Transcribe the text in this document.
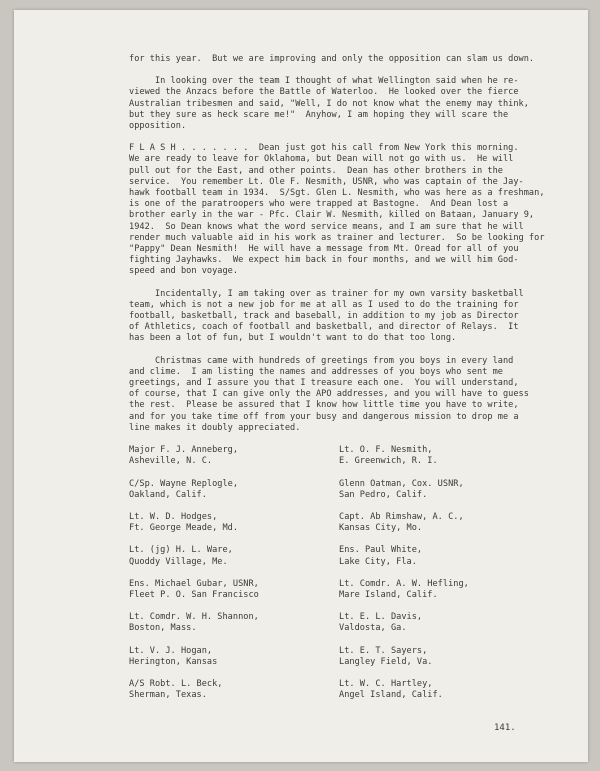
for this year.  But we are improving and only the opposition can slam us down.

In looking over the team I thought of what Wellington said when he re-
viewed the Anzacs before the Battle of Waterloo.  He looked over the fierce
Australian tribesmen and said, "Well, I do not know what the enemy may think,
but they sure as heck scare me!"  Anyhow, I am hoping they will scare the
opposition.

F L A S H . . . . . . .  Dean just got his call from New York this morning.
We are ready to leave for Oklahoma, but Dean will not go with us.  He will
pull out for the East, and other points.  Dean has other brothers in the
service.  You remember Lt. Ole F. Nesmith, USNR, who was captain of the Jay-
hawk football team in 1934.  S/Sgt. Glen L. Nesmith, who was here as a freshman,
is one of the paratroopers who were trapped at Bastogne.  And Dean lost a
brother early in the war - Pfc. Clair W. Nesmith, killed on Bataan, January 9,
1942.  So Dean knows what the word service means, and I am sure that he will
render much valuable aid in his work as trainer and lecturer.  So be looking for
"Pappy" Dean Nesmith!  He will have a message from Mt. Oread for all of you
fighting Jayhawks.  We expect him back in four months, and we will him God-
speed and bon voyage.

Incidentally, I am taking over as trainer for my own varsity basketball
team, which is not a new job for me at all as I used to do the training for
football, basketball, track and baseball, in addition to my job as Director
of Athletics, coach of football and basketball, and director of Relays.  It
has been a lot of fun, but I wouldn't want to do that too long.

Christmas came with hundreds of greetings from you boys in every land
and clime.  I am listing the names and addresses of you boys who sent me
greetings, and I assure you that I treasure each one.  You will understand,
of course, that I can give only the APO addresses, and you will have to guess
the rest.  Please be assured that I know how little time you have to write,
and for you take time off from your busy and dangerous mission to drop me a
line makes it doubly appreciated.

Major F. J. Anneberg,
Asheville, N. C.
C/Sp. Wayne Replogle,
Oakland, Calif.
Lt. W. D. Hodges,
Ft. George Meade, Md.
Lt. (jg) H. L. Ware,
Quoddy Village, Me.
Ens. Michael Gubar, USNR,
Fleet P. O. San Francisco
Lt. Comdr. W. H. Shannon,
Boston, Mass.
Lt. V. J. Hogan,
Herington, Kansas
A/S Robt. L. Beck,
Sherman, Texas.
Lt. O. F. Nesmith,
E. Greenwich, R. I.
Glenn Oatman, Cox. USNR,
San Pedro, Calif.
Capt. Ab Rimshaw, A. C.,
Kansas City, Mo.
Ens. Paul White,
Lake City, Fla.
Lt. Comdr. A. W. Hefling,
Mare Island, Calif.
Lt. E. L. Davis,
Valdosta, Ga.
Lt. E. T. Sayers,
Langley Field, Va.
Lt. W. C. Hartley,
Angel Island, Calif.
141.
